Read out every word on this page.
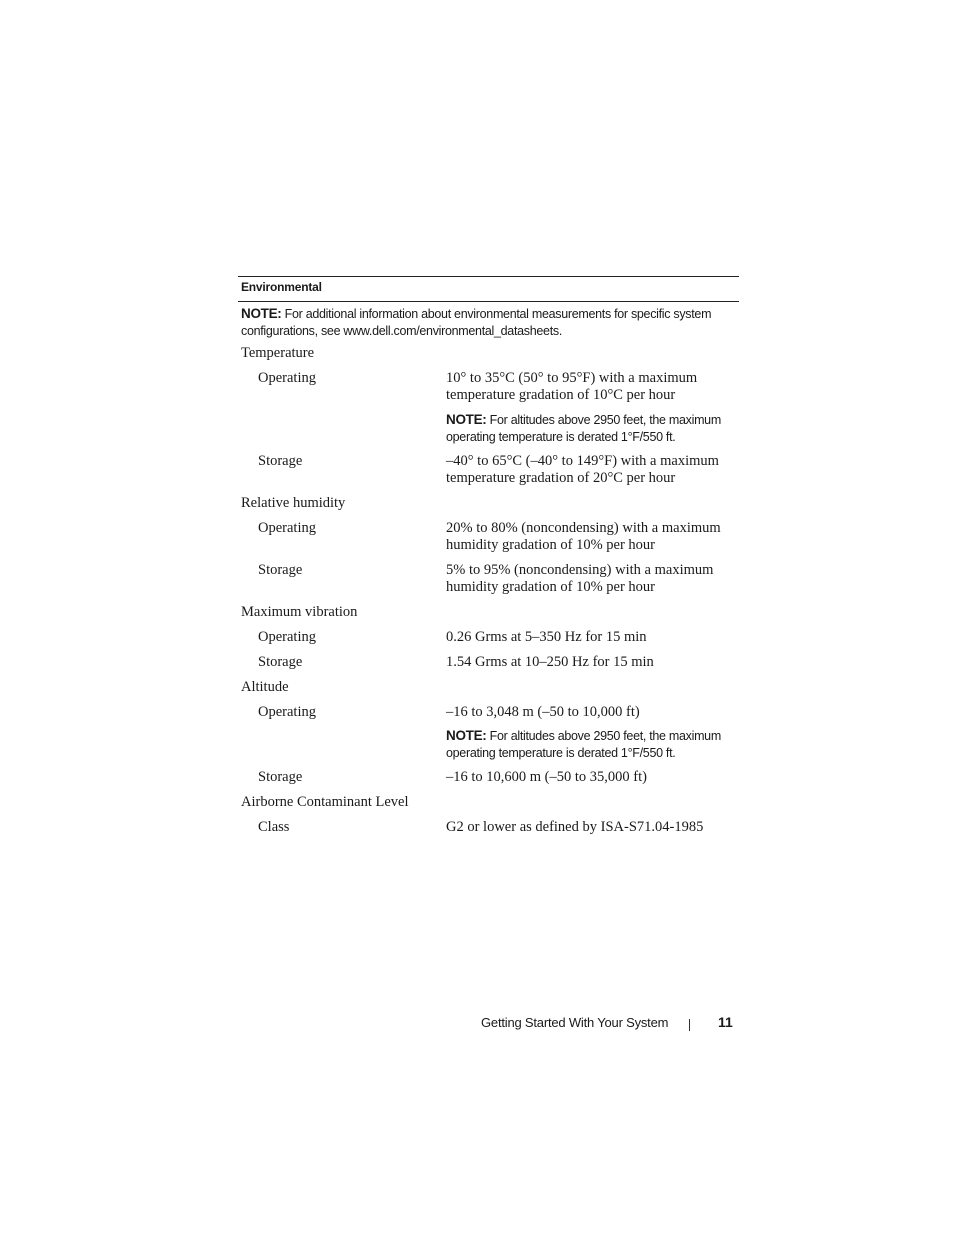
Environmental
NOTE: For additional information about environmental measurements for specific system configurations, see www.dell.com/environmental_datasheets.
Temperature
Operating	10° to 35°C (50° to 95°F) with a maximum temperature gradation of 10°C per hour
NOTE: For altitudes above 2950 feet, the maximum operating temperature is derated 1°F/550 ft.
Storage	–40° to 65°C (–40° to 149°F) with a maximum temperature gradation of 20°C per hour
Relative humidity
Operating	20% to 80% (noncondensing) with a maximum humidity gradation of 10% per hour
Storage	5% to 95% (noncondensing) with a maximum humidity gradation of 10% per hour
Maximum vibration
Operating	0.26 Grms at 5–350 Hz for 15 min
Storage	1.54 Grms at 10–250 Hz for 15 min
Altitude
Operating	–16 to 3,048 m (–50 to 10,000 ft)
NOTE: For altitudes above 2950 feet, the maximum operating temperature is derated 1°F/550 ft.
Storage	–16 to 10,600 m (–50 to 35,000 ft)
Airborne Contaminant Level
Class	G2 or lower as defined by ISA-S71.04-1985
Getting Started With Your System	11
